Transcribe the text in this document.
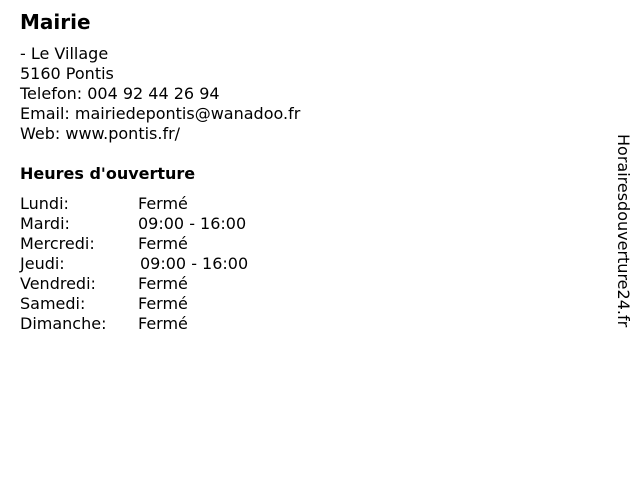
Mairie
- Le Village
5160 Pontis
Telefon: 004 92 44 26 94
Email: mairiedepontis@wanadoo.fr
Web: www.pontis.fr/
Heures d'ouverture
Lundi:	Fermé
Mardi:	09:00 - 16:00
Mercredi:	Fermé
Jeudi:	09:00 - 16:00
Vendredi:	Fermé
Samedi:	Fermé
Dimanche: Fermé	Horairesdouverture24.fr
